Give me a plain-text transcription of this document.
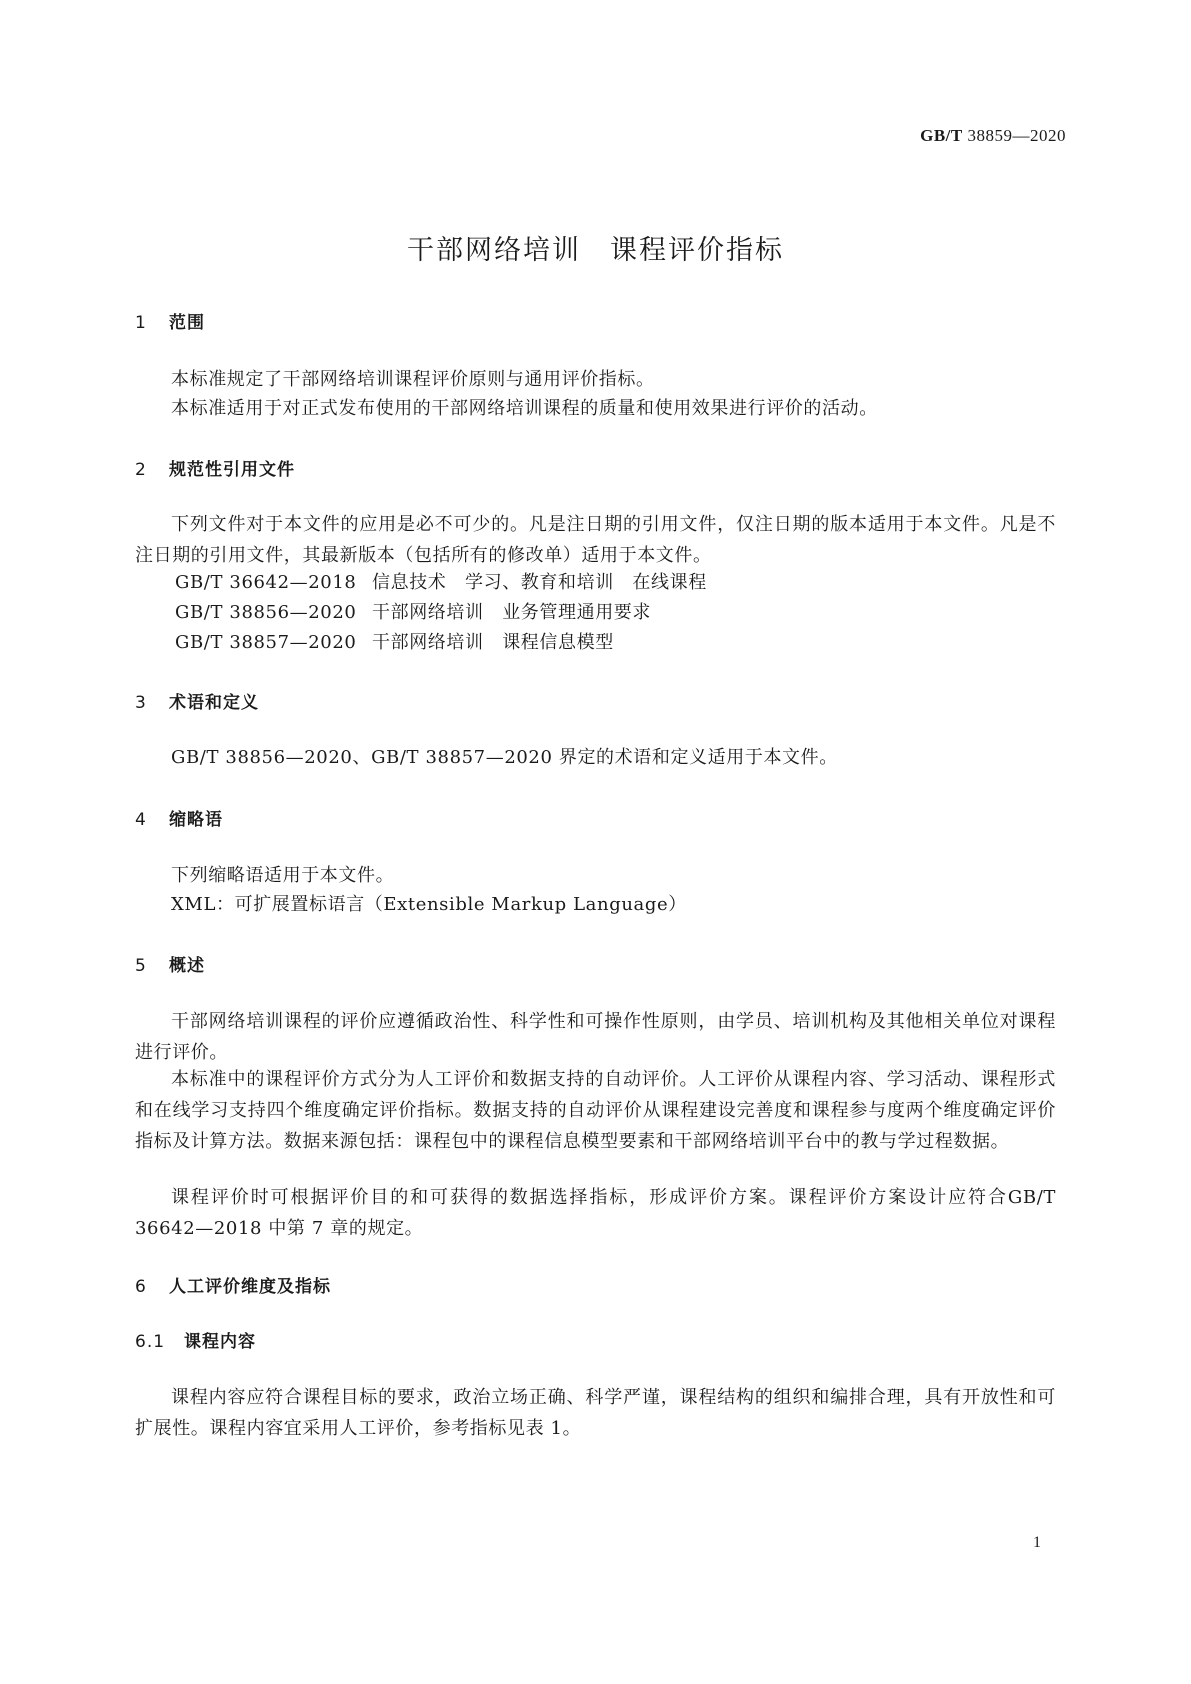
GB/T 38859—2020
干部网络培训　课程评价指标
1 范围
本标准规定了干部网络培训课程评价原则与通用评价指标。
本标准适用于对正式发布使用的干部网络培训课程的质量和使用效果进行评价的活动。
2 规范性引用文件
下列文件对于本文件的应用是必不可少的。凡是注日期的引用文件，仅注日期的版本适用于本文件。凡是不注日期的引用文件，其最新版本（包括所有的修改单）适用于本文件。
GB/T 36642—2018 信息技术　学习、教育和培训　在线课程
GB/T 38856—2020 干部网络培训　业务管理通用要求
GB/T 38857—2020 干部网络培训　课程信息模型
3 术语和定义
GB/T 38856—2020、GB/T 38857—2020 界定的术语和定义适用于本文件。
4 缩略语
下列缩略语适用于本文件。
XML：可扩展置标语言（Extensible Markup Language）
5 概述
干部网络培训课程的评价应遵循政治性、科学性和可操作性原则，由学员、培训机构及其他相关单位对课程进行评价。
本标准中的课程评价方式分为人工评价和数据支持的自动评价。人工评价从课程内容、学习活动、课程形式和在线学习支持四个维度确定评价指标。数据支持的自动评价从课程建设完善度和课程参与度两个维度确定评价指标及计算方法。数据来源包括：课程包中的课程信息模型要素和干部网络培训平台中的教与学过程数据。
课程评价时可根据评价目的和可获得的数据选择指标，形成评价方案。课程评价方案设计应符合GB/T 36642—2018 中第 7 章的规定。
6 人工评价维度及指标
6.1 课程内容
课程内容应符合课程目标的要求，政治立场正确、科学严谨，课程结构的组织和编排合理，具有开放性和可扩展性。课程内容宜采用人工评价，参考指标见表 1。
1
